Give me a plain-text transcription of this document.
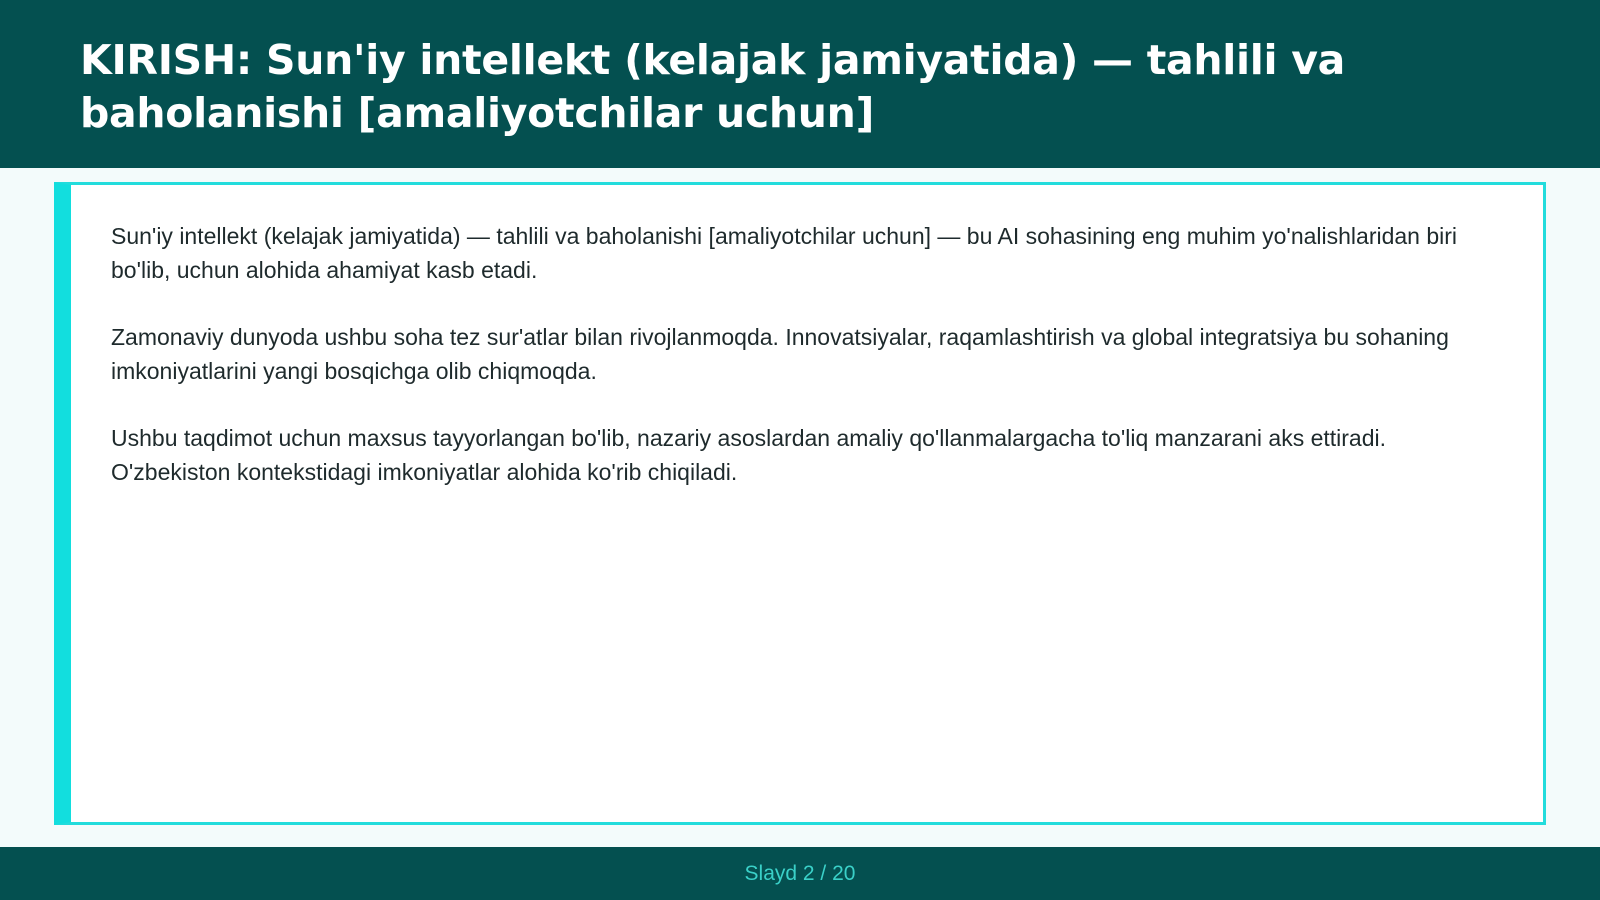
KIRISH: Sun'iy intellekt (kelajak jamiyatida) — tahlili va baholanishi [amaliyotchilar uchun]

Sun'iy intellekt (kelajak jamiyatida) — tahlili va baholanishi [amaliyotchilar uchun] — bu AI sohasining eng muhim yo'nalishlaridan biri bo'lib, uchun alohida ahamiyat kasb etadi.

Zamonaviy dunyoda ushbu soha tez sur'atlar bilan rivojlanmoqda. Innovatsiyalar, raqamlashtirish va global integratsiya bu sohaning imkoniyatlarini yangi bosqichga olib chiqmoqda.

Ushbu taqdimot uchun maxsus tayyorlangan bo'lib, nazariy asoslardan amaliy qo'llanmalargacha to'liq manzarani aks ettiradi. O'zbekiston kontekstidagi imkoniyatlar alohida ko'rib chiqiladi.

Slayd 2 / 20
